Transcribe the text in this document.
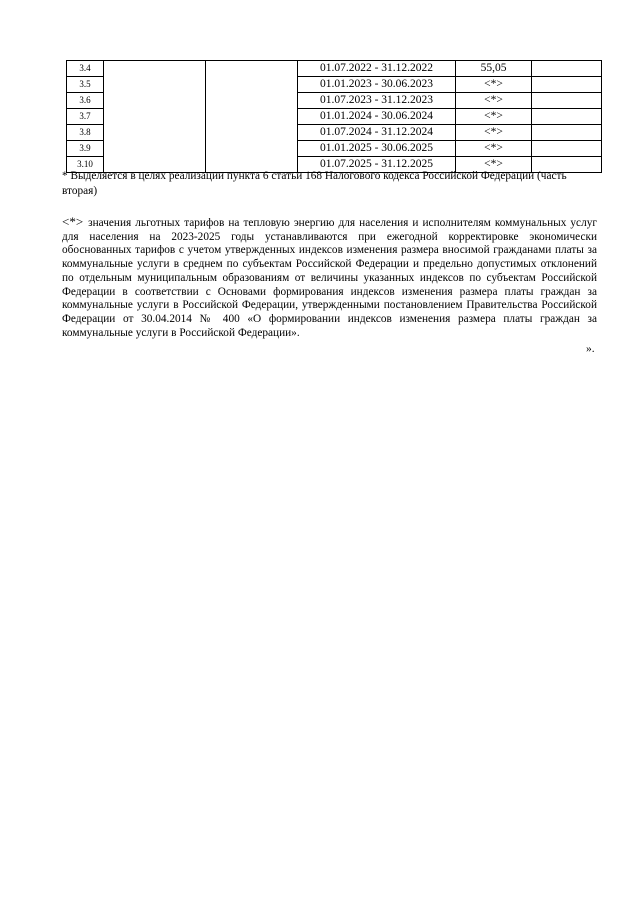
3.4			01.07.2022 - 31.12.2022	55,05	
3.5			01.01.2023 - 30.06.2023	<*>	
3.6			01.07.2023 - 31.12.2023	<*>	
3.7			01.01.2024 - 30.06.2024	<*>	
3.8			01.07.2024 - 31.12.2024	<*>	
3.9			01.01.2025 - 30.06.2025	<*>	
3.10			01.07.2025 - 31.12.2025	<*>	
* Выделяется в целях реализации пункта 6 статьи 168 Налогового кодекса Российской Федерации (часть вторая)
<*> значения льготных тарифов на тепловую энергию для населения и исполнителям коммунальных услуг для населения на 2023-2025 годы устанавливаются при ежегодной корректировке экономически обоснованных тарифов с учетом утвержденных индексов изменения размера вносимой гражданами платы за коммунальные услуги в среднем по субъектам Российской Федерации и предельно допустимых отклонений по отдельным муниципальным образованиям от величины указанных индексов по субъектам Российской Федерации в соответствии с Основами формирования индексов изменения размера платы граждан за коммунальные услуги в Российской Федерации, утвержденными постановлением Правительства Российской Федерации от 30.04.2014 № 400 «О формировании индексов изменения размера платы граждан за коммунальные услуги в Российской Федерации».
».
